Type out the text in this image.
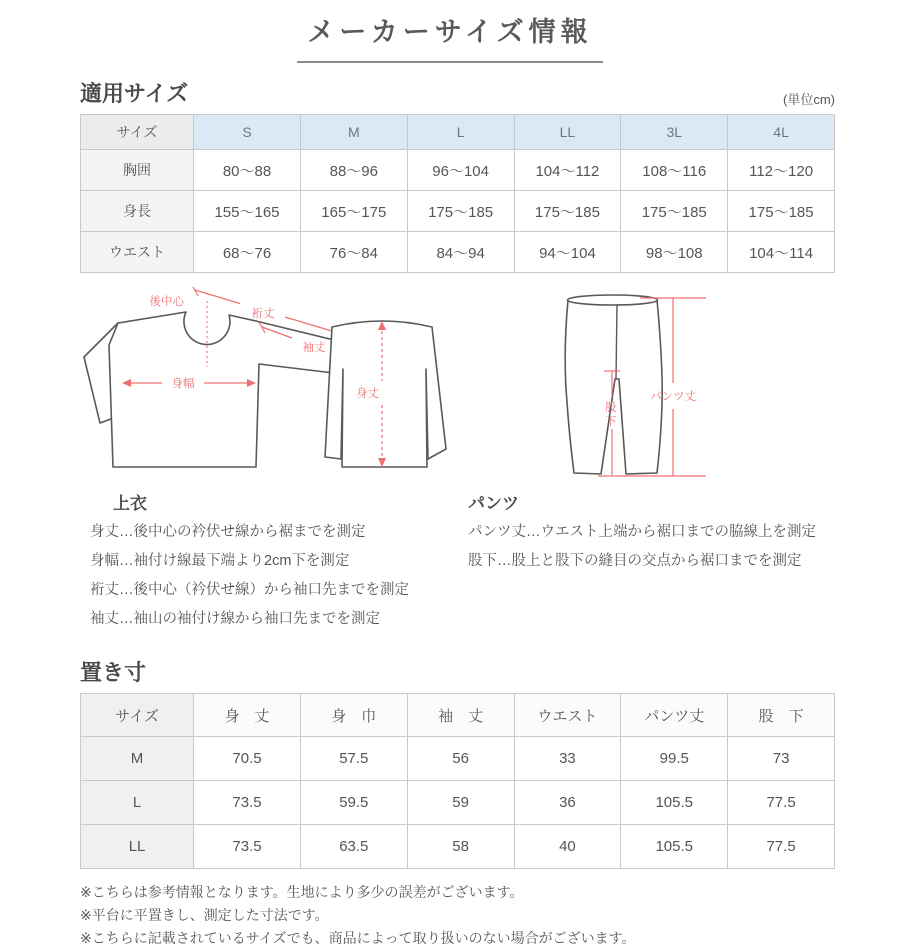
メーカーサイズ情報
適用サイズ	(単位cm)
サイズ	S	M	L	LL	3L	4L
胸囲	80～88	88～96	96～104	104～112	108～116	112～120
身長	155～165	165～175	175～185	175～185	175～185	175～185
ウエスト	68～76	76～84	84～94	94～104	98～108	104～114
後中心
裄丈
袖丈
身幅
身丈
股
下
パンツ丈
上衣

身丈…後中心の衿伏せ線から裾までを測定

身幅…袖付け線最下端より2cm下を測定

裄丈…後中心（衿伏せ線）から袖口先までを測定

袖丈…袖山の袖付け線から袖口先までを測定

パンツ

パンツ丈…ウエスト上端から裾口までの脇線上を測定

股下…股上と股下の縫目の交点から裾口までを測定

置き寸
サイズ	身　丈	身　巾	袖　丈	ウエスト	パンツ丈	股　下
M	70.5	57.5	56	33	99.5	73
L	73.5	59.5	59	36	105.5	77.5
LL	73.5	63.5	58	40	105.5	77.5

※こちらは参考情報となります。生地により多少の誤差がございます。

※平台に平置きし、測定した寸法です。

※こちらに記載されているサイズでも、商品によって取り扱いのない場合がございます。
